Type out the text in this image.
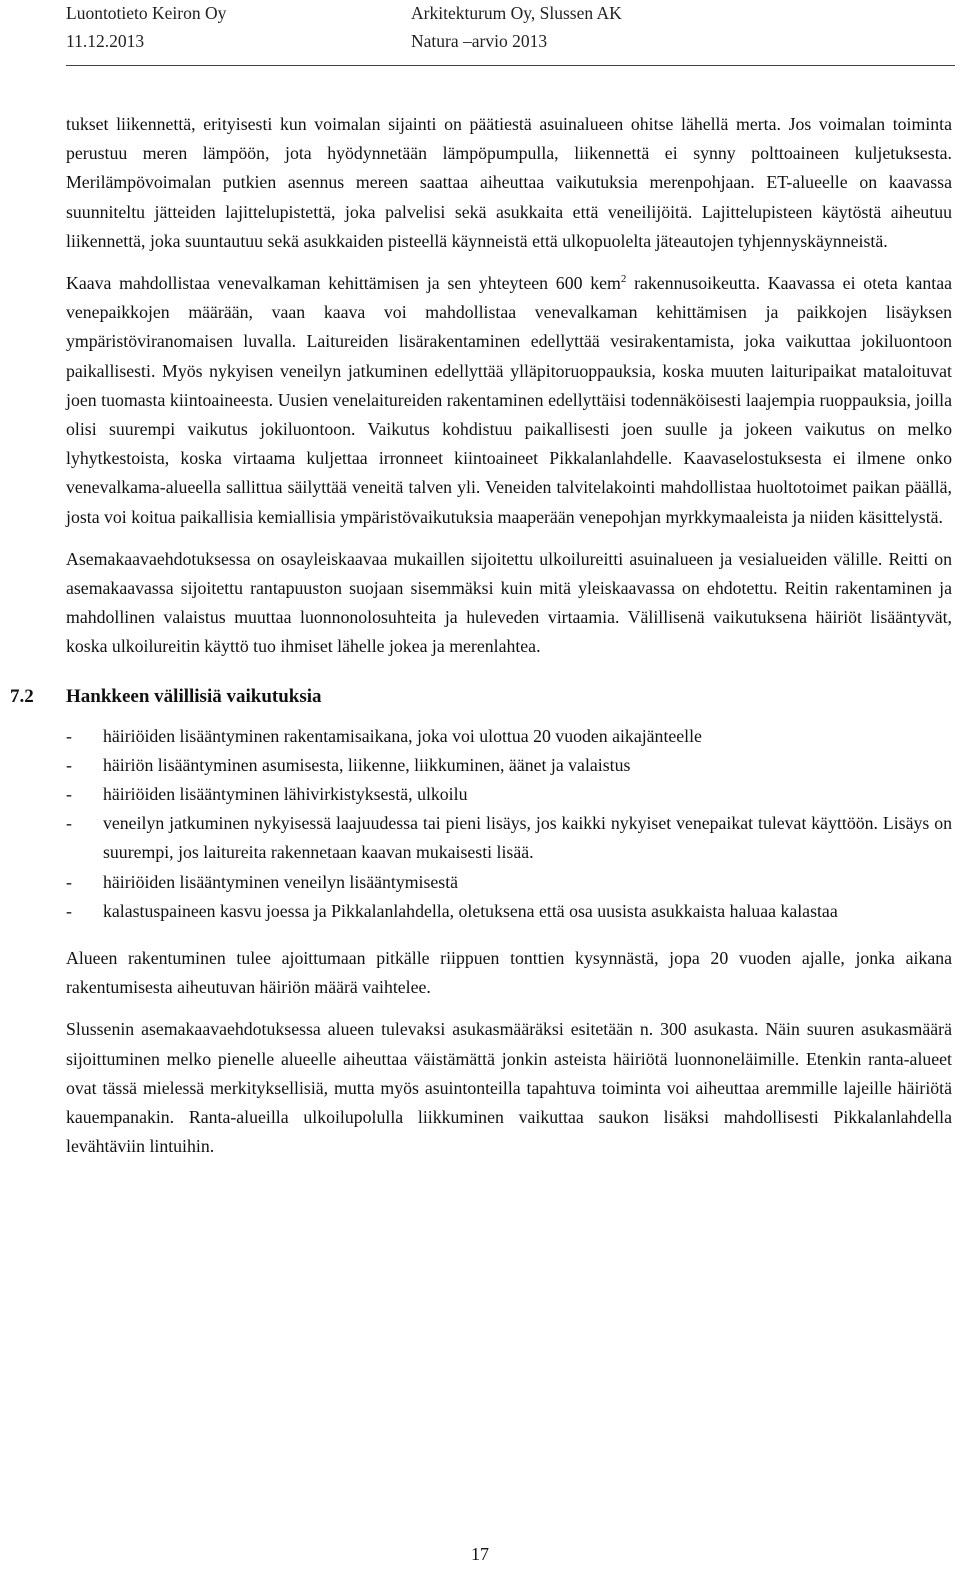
Luontotieto Keiron Oy
11.12.2013
Arkitekturum Oy, Slussen AK
Natura –arvio 2013

tukset liikennettä, erityisesti kun voimalan sijainti on päätiestä asuinalueen ohitse lähellä merta. Jos voimalan toiminta perustuu meren lämpöön, jota hyödynnetään lämpöpumpulla, liikennettä ei synny polttoaineen kuljetuksesta. Merilämpövoimalan putkien asennus mereen saattaa aiheuttaa vaikutuksia merenpohjaan. ET-alueelle on kaavassa suunniteltu jätteiden lajittelupistettä, joka palvelisi sekä asukkaita että veneilijöitä. Lajittelupisteen käytöstä aiheutuu liikennettä, joka suuntautuu sekä asukkaiden pisteellä käynneistä että ulkopuolelta jäteautojen tyhjennyskäynneistä.

Kaava mahdollistaa venevalkaman kehittämisen ja sen yhteyteen 600 kem$^2$ rakennusoikeutta. Kaavassa ei oteta kantaa venepaikkojen määrään, vaan kaava voi mahdollistaa venevalkaman kehittämisen ja paikkojen lisäyksen ympäristöviranomaisen luvalla. Laitureiden lisärakentaminen edellyttää vesirakentamista, joka vaikuttaa jokiluontoon paikallisesti. Myös nykyisen veneilyn jatkuminen edellyttää ylläpitoruoppauksia, koska muuten laituripaikat mataloituvat joen tuomasta kiintoaineesta. Uusien venelaitureiden rakentaminen edellyttäisi todennäköisesti laajempia ruoppauksia, joilla olisi suurempi vaikutus jokiluontoon. Vaikutus kohdistuu paikallisesti joen suulle ja jokeen vaikutus on melko lyhytkestoista, koska virtaama kuljettaa irronneet kiintoaineet Pikkalanlahdelle. Kaavaselostuksesta ei ilmene onko venevalkama-alueella sallittua säilyttää veneitä talven yli. Veneiden talvitelakointi mahdollistaa huoltotoimet paikan päällä, josta voi koitua paikallisia kemiallisia ympäristövaikutuksia maaperään venepohjan myrkkymaaleista ja niiden käsittelystä.

Asemakaavaehdotuksessa on osayleiskaavaa mukaillen sijoitettu ulkoilureitti asuinalueen ja vesialueiden välille. Reitti on asemakaavassa sijoitettu rantapuuston suojaan sisemmäksi kuin mitä yleiskaavassa on ehdotettu. Reitin rakentaminen ja mahdollinen valaistus muuttaa luonnonolosuhteita ja huleveden virtaamia. Välillisenä vaikutuksena häiriöt lisääntyvät, koska ulkoilureitin käyttö tuo ihmiset lähelle jokea ja merenlahtea.

7.2 Hankkeen välillisiä vaikutuksia
- häiriöiden lisääntyminen rakentamisaikana, joka voi ulottua 20 vuoden aikajänteelle
- häiriön lisääntyminen asumisesta, liikenne, liikkuminen, äänet ja valaistus
- häiriöiden lisääntyminen lähivirkistyksestä, ulkoilu
- veneilyn jatkuminen nykyisessä laajuudessa tai pieni lisäys, jos kaikki nykyiset venepaikat tulevat käyttöön. Lisäys on suurempi, jos laitureita rakennetaan kaavan mukaisesti lisää.
- häiriöiden lisääntyminen veneilyn lisääntymisestä
- kalastuspaineen kasvu joessa ja Pikkalanlahdella, oletuksena että osa uusista asukkaista haluaa kalastaa

Alueen rakentuminen tulee ajoittumaan pitkälle riippuen tonttien kysynnästä, jopa 20 vuoden ajalle, jonka aikana rakentumisesta aiheutuvan häiriön määrä vaihtelee.

Slussenin asemakaavaehdotuksessa alueen tulevaksi asukasmääräksi esitetään n. 300 asukasta. Näin suuren asukasmäärä sijoittuminen melko pienelle alueelle aiheuttaa väistämättä jonkin asteista häiriötä luonnoneläimille. Etenkin ranta-alueet ovat tässä mielessä merkityksellisiä, mutta myös asuintonteilla tapahtuva toiminta voi aiheuttaa aremmille lajeille häiriötä kauempanakin. Ranta-alueilla ulkoilupolulla liikkuminen vaikuttaa saukon lisäksi mahdollisesti Pikkalanlahdella levähtäviin lintuihin.

17
